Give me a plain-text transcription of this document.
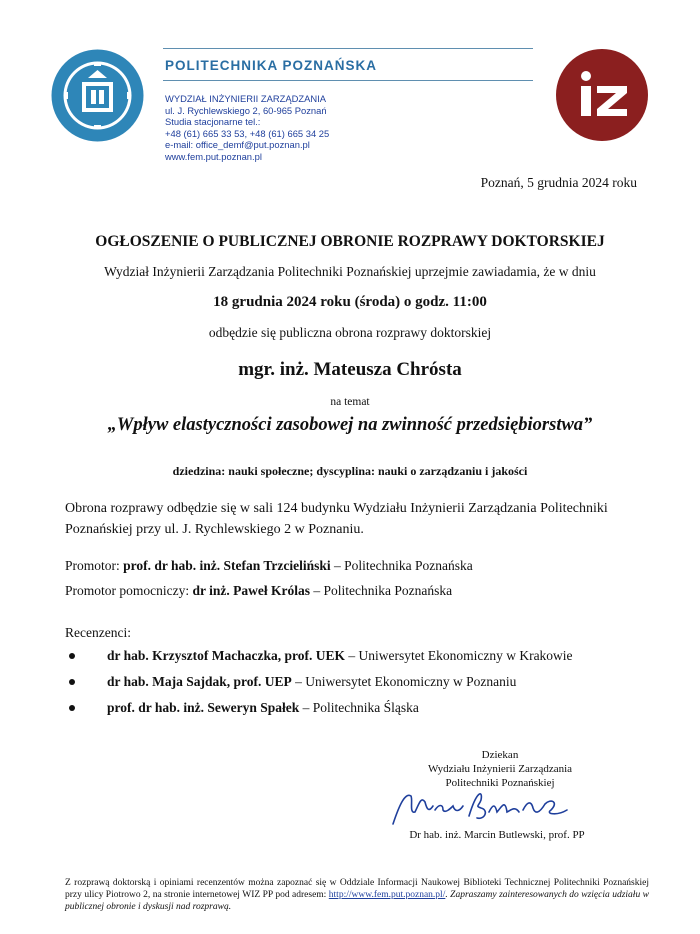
POLITECHNIKA POZNAŃSKA
WYDZIAŁ INŻYNIERII ZARZĄDZANIA
ul. J. Rychlewskiego 2, 60-965 Poznań
Studia stacjonarne tel.:
+48 (61) 665 33 53, +48 (61) 665 34 25
e-mail: office_demf@put.poznan.pl
www.fem.put.poznan.pl
Poznań, 5 grudnia 2024 roku
OGŁOSZENIE O PUBLICZNEJ OBRONIE ROZPRAWY DOKTORSKIEJ
Wydział Inżynierii Zarządzania Politechniki Poznańskiej uprzejmie zawiadamia, że w dniu
18 grudnia 2024 roku (środa) o godz. 11:00
odbędzie się publiczna obrona rozprawy doktorskiej
mgr. inż. Mateusza Chrósta
na temat
„Wpływ elastyczności zasobowej na zwinność przedsiębiorstwa”
dziedzina: nauki społeczne; dyscyplina: nauki o zarządzaniu i jakości
Obrona rozprawy odbędzie się w sali 124 budynku Wydziału Inżynierii Zarządzania Politechniki Poznańskiej przy ul. J. Rychlewskiego 2 w Poznaniu.
Promotor: prof. dr hab. inż. Stefan Trzcieliński – Politechnika Poznańska
Promotor pomocniczy: dr inż. Paweł Królas – Politechnika Poznańska
Recenzenci:
dr hab. Krzysztof Machaczka, prof. UEK – Uniwersytet Ekonomiczny w Krakowie
dr hab. Maja Sajdak, prof. UEP – Uniwersytet Ekonomiczny w Poznaniu
prof. dr hab. inż. Seweryn Spałek – Politechnika Śląska
Dziekan
Wydziału Inżynierii Zarządzania
Politechniki Poznańskiej
Dr hab. inż. Marcin Butlewski, prof. PP
Z rozprawą doktorską i opiniami recenzentów można zapoznać się w Oddziale Informacji Naukowej Biblioteki Technicznej Politechniki Poznańskiej przy ulicy Piotrowo 2, na stronie internetowej WIZ PP pod adresem: http://www.fem.put.poznan.pl/. Zapraszamy zainteresowanych do wzięcia udziału w publicznej obronie i dyskusji nad rozprawą.
